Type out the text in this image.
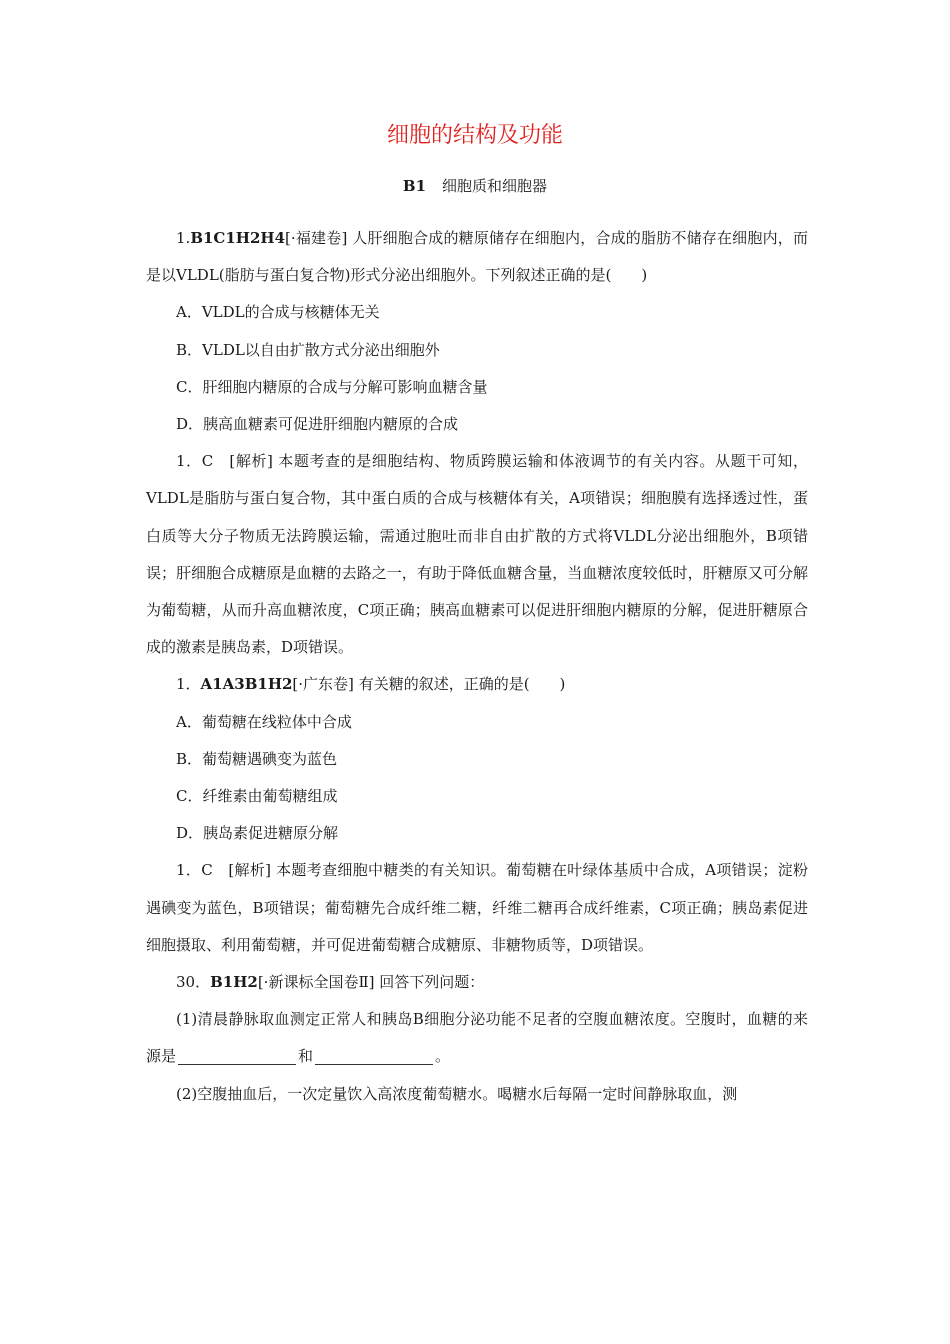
细胞的结构及功能
B1 细胞质和细胞器

1.B1C1H2H4[·福建卷] 人肝细胞合成的糖原储存在细胞内，合成的脂肪不储存在细胞内，而是以VLDL(脂肪与蛋白复合物)形式分泌出细胞外。下列叙述正确的是(　　)

A．VLDL的合成与核糖体无关

B．VLDL以自由扩散方式分泌出细胞外

C．肝细胞内糖原的合成与分解可影响血糖含量

D．胰高血糖素可促进肝细胞内糖原的合成

1．C　[解析] 本题考查的是细胞结构、物质跨膜运输和体液调节的有关内容。从题干可知，VLDL是脂肪与蛋白复合物，其中蛋白质的合成与核糖体有关，A项错误；细胞膜有选择透过性，蛋白质等大分子物质无法跨膜运输，需通过胞吐而非自由扩散的方式将VLDL分泌出细胞外，B项错误；肝细胞合成糖原是血糖的去路之一，有助于降低血糖含量，当血糖浓度较低时，肝糖原又可分解为葡萄糖，从而升高血糖浓度，C项正确；胰高血糖素可以促进肝细胞内糖原的分解，促进肝糖原合成的激素是胰岛素，D项错误。

1．A1A3B1H2[·广东卷] 有关糖的叙述，正确的是(　　)

A．葡萄糖在线粒体中合成

B．葡萄糖遇碘变为蓝色

C．纤维素由葡萄糖组成

D．胰岛素促进糖原分解

1．C　[解析] 本题考查细胞中糖类的有关知识。葡萄糖在叶绿体基质中合成，A项错误；淀粉遇碘变为蓝色，B项错误；葡萄糖先合成纤维二糖，纤维二糖再合成纤维素，C项正确；胰岛素促进细胞摄取、利用葡萄糖，并可促进葡萄糖合成糖原、非糖物质等，D项错误。

30．B1H2[·新课标全国卷Ⅱ] 回答下列问题：

(1)清晨静脉取血测定正常人和胰岛B细胞分泌功能不足者的空腹血糖浓度。空腹时，血糖的来源是	和	。

(2)空腹抽血后，一次定量饮入高浓度葡萄糖水。喝糖水后每隔一定时间静脉取血，测
